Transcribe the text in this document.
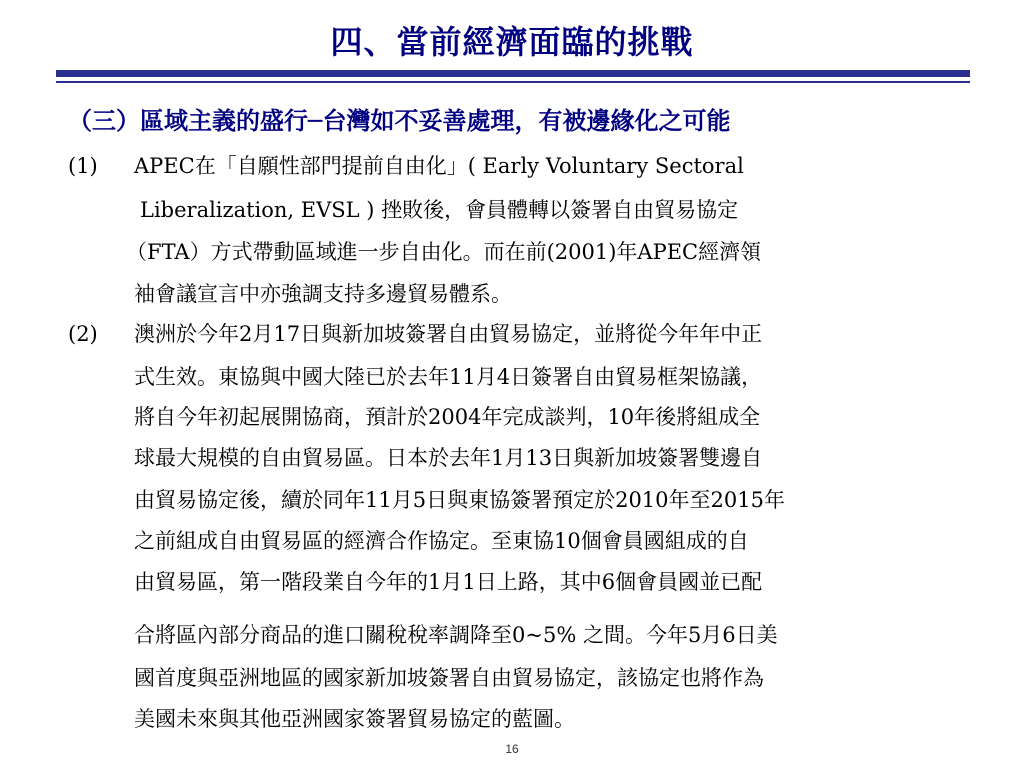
四、當前經濟面臨的挑戰
（三）區域主義的盛行─台灣如不妥善處理，有被邊緣化之可能
(1) APEC在「自願性部門提前自由化」( Early Voluntary Sectoral
Liberalization, EVSL ) 挫敗後，會員體轉以簽署自由貿易協定
（FTA）方式帶動區域進一步自由化。而在前(2001)年APEC經濟領
袖會議宣言中亦強調支持多邊貿易體系。
(2) 澳洲於今年2月17日與新加坡簽署自由貿易協定，並將從今年年中正
式生效。東協與中國大陸已於去年11月4日簽署自由貿易框架協議，
將自今年初起展開協商，預計於2004年完成談判，10年後將組成全
球最大規模的自由貿易區。日本於去年1月13日與新加坡簽署雙邊自
由貿易協定後，續於同年11月5日與東協簽署預定於2010年至2015年
之前組成自由貿易區的經濟合作協定。至東協10個會員國組成的自
由貿易區，第一階段業自今年的1月1日上路，其中6個會員國並已配
合將區內部分商品的進口關稅稅率調降至0~5% 之間。今年5月6日美
國首度與亞洲地區的國家新加坡簽署自由貿易協定，該協定也將作為
美國未來與其他亞洲國家簽署貿易協定的藍圖。
16
